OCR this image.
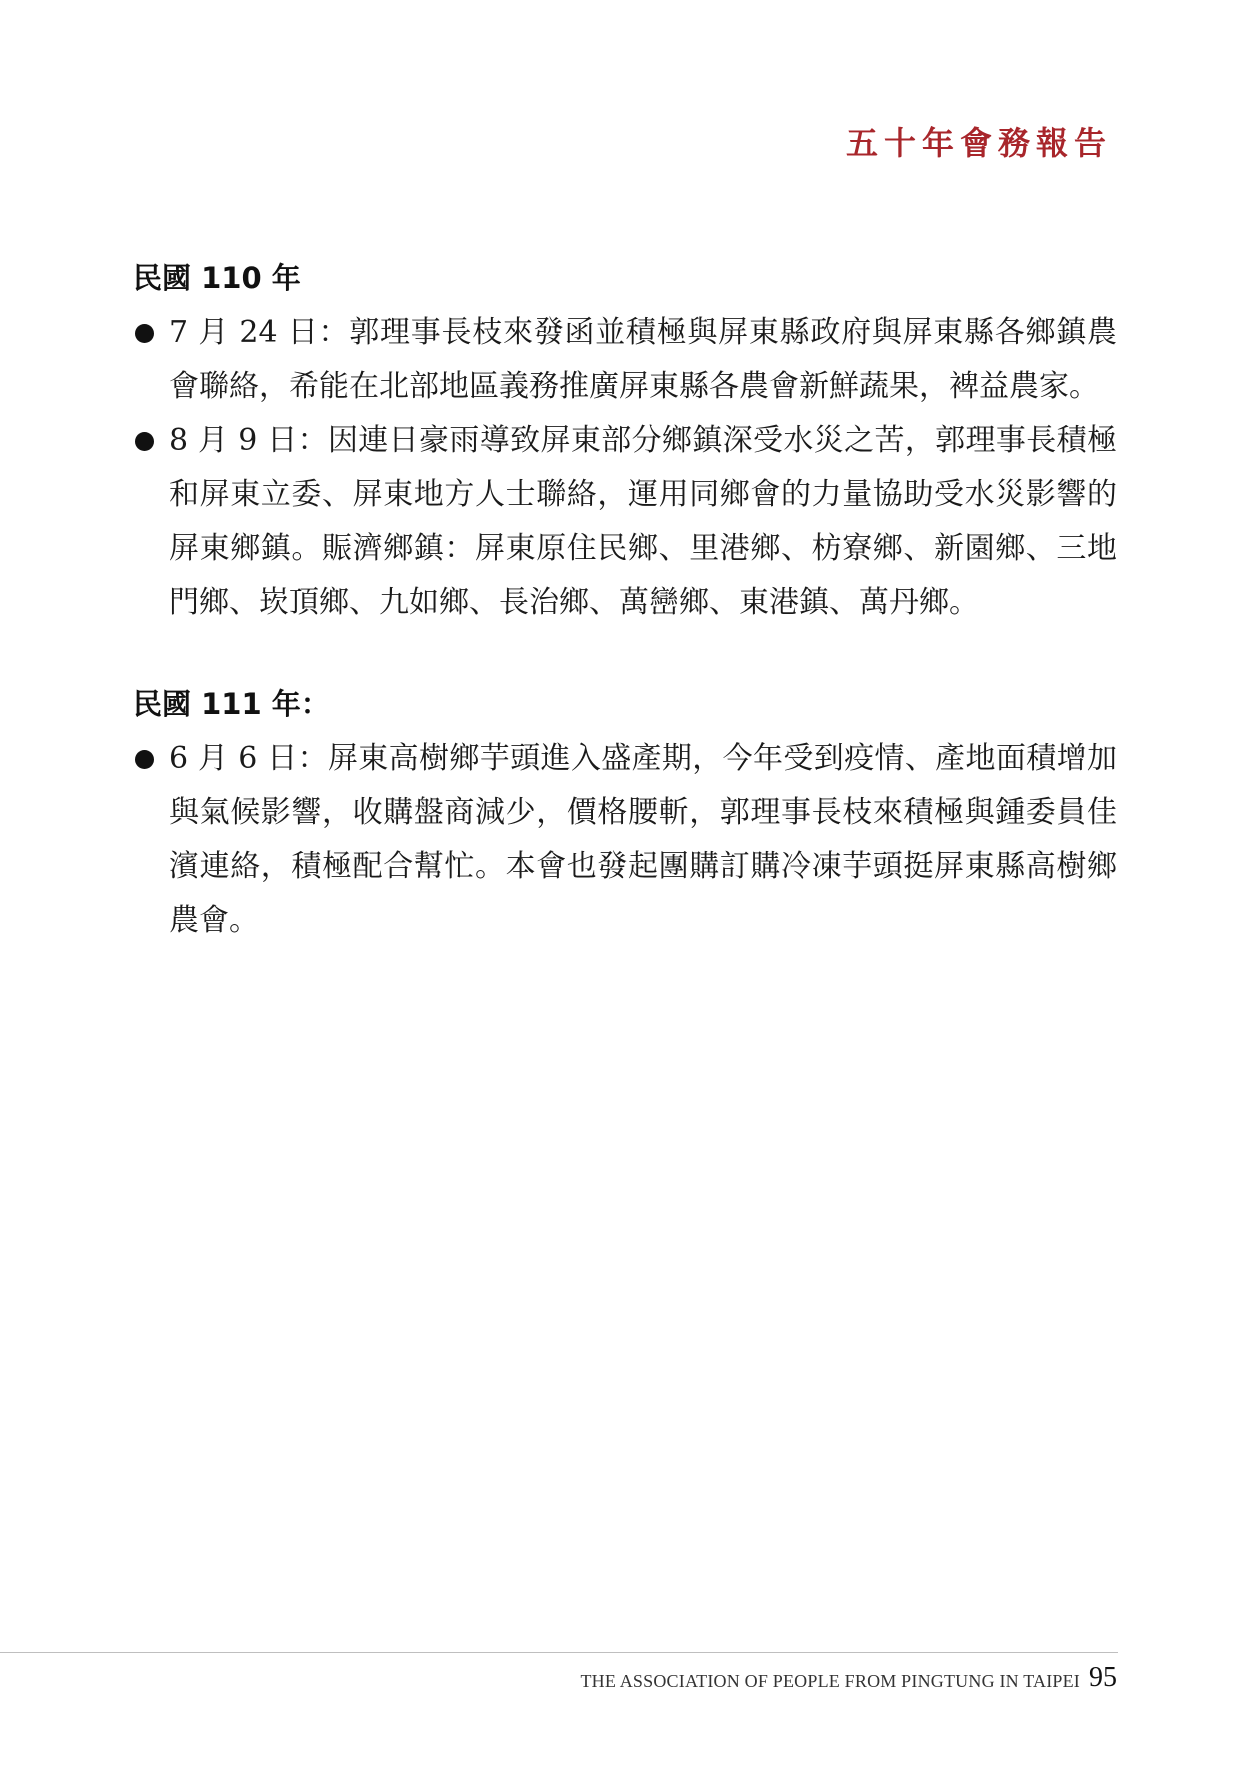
五十年會務報告
民國 110 年
7 月 24 日：郭理事長枝來發函並積極與屏東縣政府與屏東縣各鄉鎮農會聯絡，希能在北部地區義務推廣屏東縣各農會新鮮蔬果，裨益農家。
8 月 9 日：因連日豪雨導致屏東部分鄉鎮深受水災之苦，郭理事長積極和屏東立委、屏東地方人士聯絡，運用同鄉會的力量協助受水災影響的屏東鄉鎮。賑濟鄉鎮：屏東原住民鄉、里港鄉、枋寮鄉、新園鄉、三地門鄉、崁頂鄉、九如鄉、長治鄉、萬巒鄉、東港鎮、萬丹鄉。
民國 111 年：
6 月 6 日：屏東高樹鄉芋頭進入盛產期，今年受到疫情、產地面積增加與氣候影響，收購盤商減少，價格腰斬，郭理事長枝來積極與鍾委員佳濱連絡，積極配合幫忙。本會也發起團購訂購冷凍芋頭挺屏東縣高樹鄉農會。
THE ASSOCIATION OF PEOPLE FROM PINGTUNG IN TAIPEI 95
